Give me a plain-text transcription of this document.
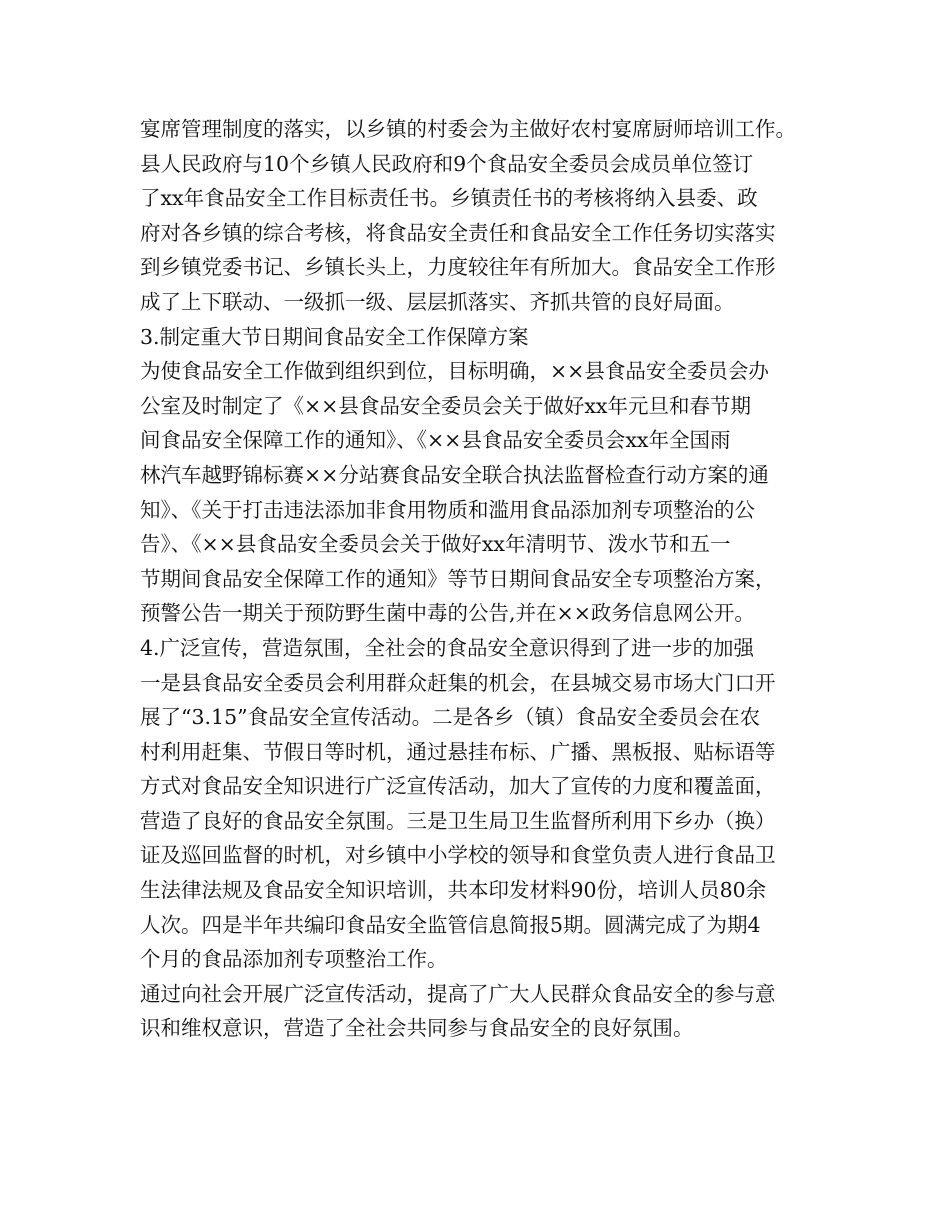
宴席管理制度的落实，以乡镇的村委会为主做好农村宴席厨师培训工作。
县人民政府与10个乡镇人民政府和9个食品安全委员会成员单位签订
了xx年食品安全工作目标责任书。乡镇责任书的考核将纳入县委、政
府对各乡镇的综合考核，将食品安全责任和食品安全工作任务切实落实
到乡镇党委书记、乡镇长头上，力度较往年有所加大。食品安全工作形
成了上下联动、一级抓一级、层层抓落实、齐抓共管的良好局面。
3.制定重大节日期间食品安全工作保障方案
为使食品安全工作做到组织到位，目标明确，××县食品安全委员会办
公室及时制定了《××县食品安全委员会关于做好xx年元旦和春节期
间食品安全保障工作的通知》、《××县食品安全委员会xx年全国雨
林汽车越野锦标赛××分站赛食品安全联合执法监督检查行动方案的通
知》、《关于打击违法添加非食用物质和滥用食品添加剂专项整治的公
告》、《××县食品安全委员会关于做好xx年清明节、泼水节和五一
节期间食品安全保障工作的通知》等节日期间食品安全专项整治方案，
预警公告一期关于预防野生菌中毒的公告,并在××政务信息网公开。
4.广泛宣传，营造氛围，全社会的食品安全意识得到了进一步的加强
一是县食品安全委员会利用群众赶集的机会，在县城交易市场大门口开
展了“3.15”食品安全宣传活动。二是各乡（镇）食品安全委员会在农
村利用赶集、节假日等时机，通过悬挂布标、广播、黑板报、贴标语等
方式对食品安全知识进行广泛宣传活动，加大了宣传的力度和覆盖面，
营造了良好的食品安全氛围。三是卫生局卫生监督所利用下乡办（换）
证及巡回监督的时机，对乡镇中小学校的领导和食堂负责人进行食品卫
生法律法规及食品安全知识培训，共本印发材料90份，培训人员80余
人次。四是半年共编印食品安全监管信息简报5期。圆满完成了为期4
个月的食品添加剂专项整治工作。
通过向社会开展广泛宣传活动，提高了广大人民群众食品安全的参与意
识和维权意识，营造了全社会共同参与食品安全的良好氛围。
